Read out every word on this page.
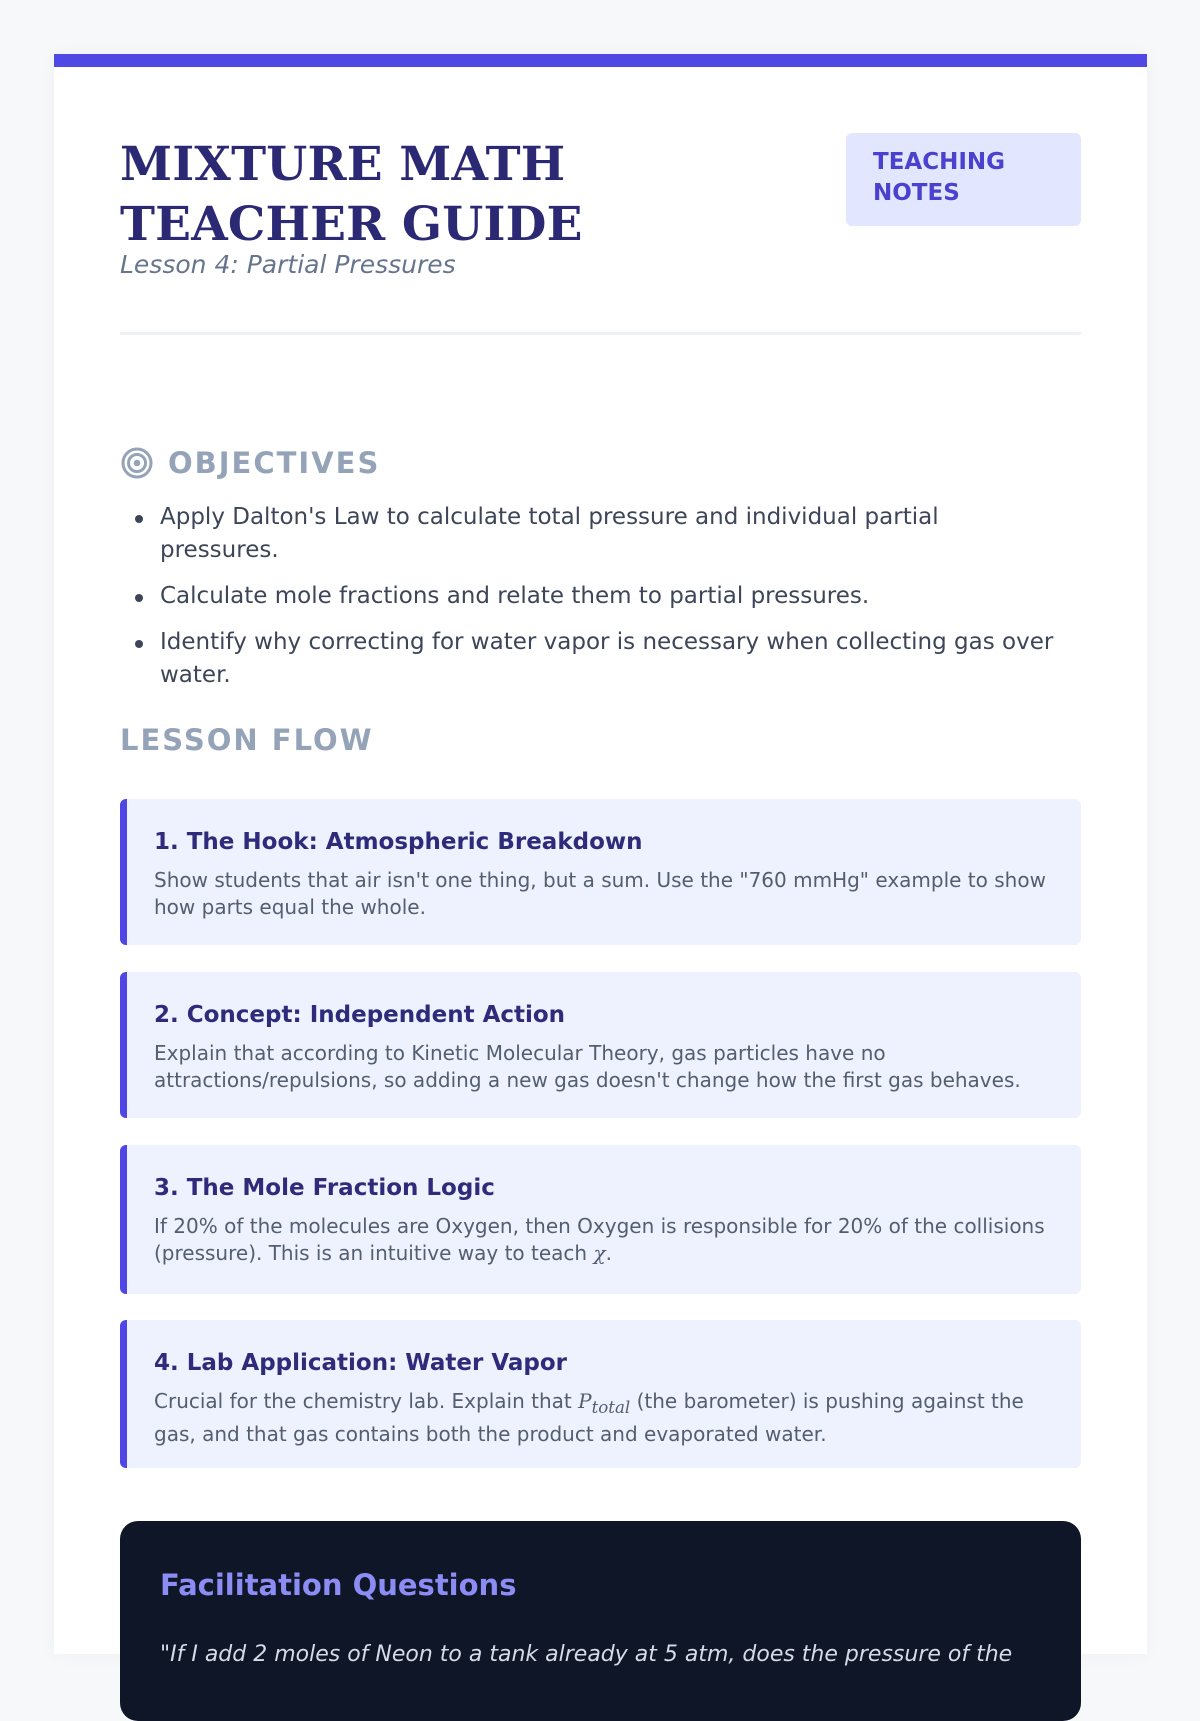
MIXTURE MATH TEACHER GUIDE

Lesson 4: Partial Pressures

TEACHING NOTES
OBJECTIVES
Apply Dalton's Law to calculate total pressure and individual partial pressures.
Calculate mole fractions and relate them to partial pressures.
Identify why correcting for water vapor is necessary when collecting gas over water.
LESSON FLOW
1. The Hook: Atmospheric Breakdown

Show students that air isn't one thing, but a sum. Use the "760 mmHg" example to show how parts equal the whole.

2. Concept: Independent Action

Explain that according to Kinetic Molecular Theory, gas particles have no attractions/repulsions, so adding a new gas doesn't change how the first gas behaves.

3. The Mole Fraction Logic

If 20% of the molecules are Oxygen, then Oxygen is responsible for 20% of the collisions (pressure). This is an intuitive way to teach χ.

4. Lab Application: Water Vapor

Crucial for the chemistry lab. Explain that $P_{total}$ (the barometer) is pushing against the gas, and that gas contains both the product and evaporated water.

Facilitation Questions

"If I add 2 moles of Neon to a tank already at 5 atm, does the pressure of the
